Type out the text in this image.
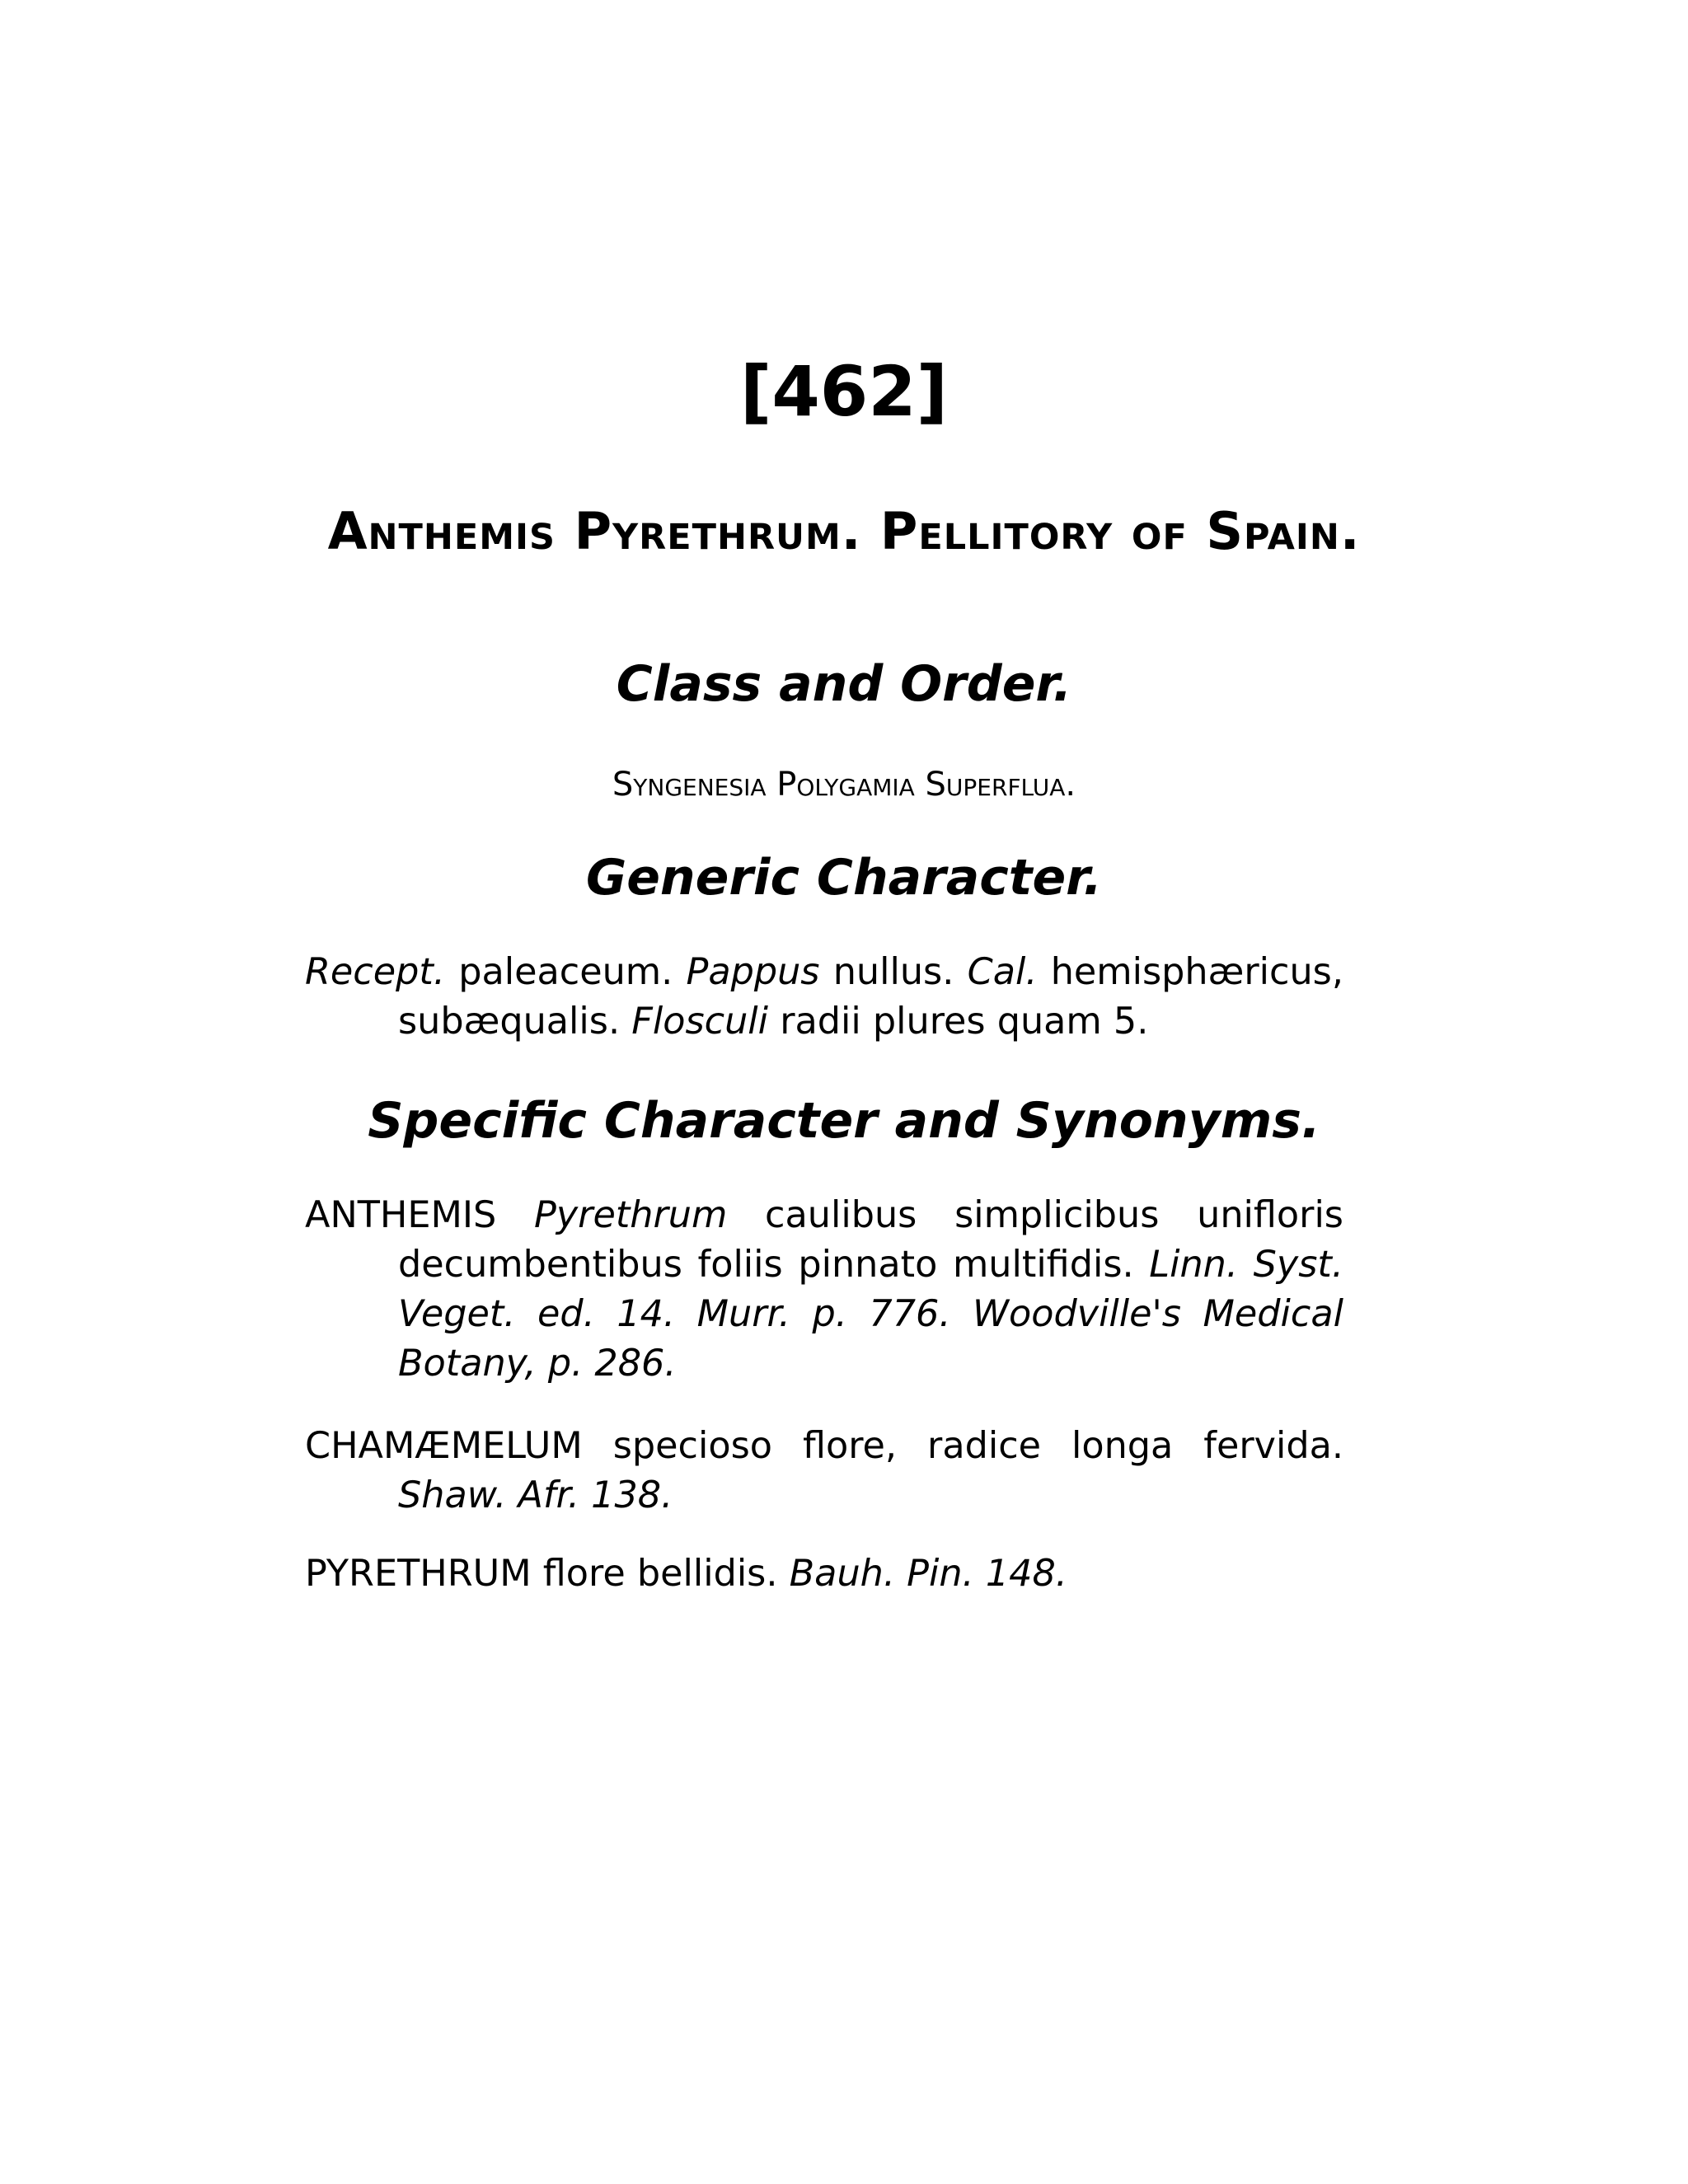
[462]
Anthemis Pyrethrum. Pellitory of Spain.
Class and Order.
Syngenesia Polygamia Superflua.
Generic Character.

Recept. paleaceum. Pappus nullus. Cal. hemisphæricus, subæqualis. Flosculi radii plures quam 5.

Specific Character and Synonyms.

ANTHEMIS Pyrethrum caulibus simplicibus unifloris decumbentibus foliis pinnato multifidis. Linn. Syst. Veget. ed. 14. Murr. p. 776. Woodville's Medical Botany, p. 286.

CHAMÆMELUM specioso flore, radice longa fervida. Shaw. Afr. 138.

PYRETHRUM flore bellidis. Bauh. Pin. 148.
